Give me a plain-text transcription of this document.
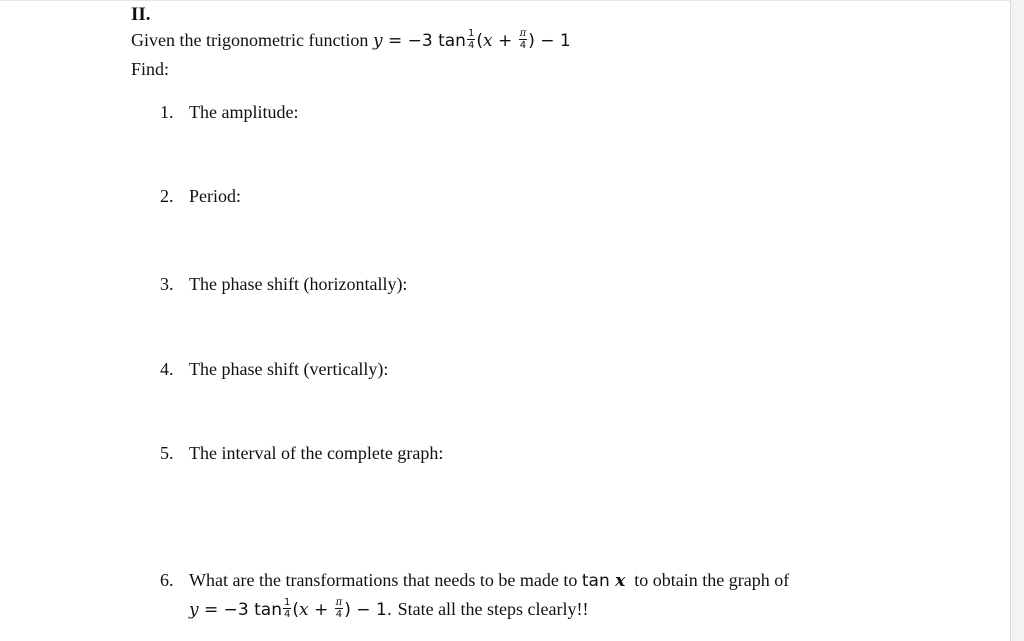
II.

Given the trigonometric function y = −3 $\tan \frac{1}{4} (x + \frac{\pi}{4}$ ) − 1
Find:
1. The amplitude:
2. Period:
3. The phase shift (horizontally):
4. The phase shift (vertically):
5. The interval of the complete graph:
6. What are the transformations that needs to be made to tan x to obtain the graph of
y = −3 $\tan \frac{1}{4} (x + \frac{\pi}{4}$ ) − 1. State all the steps clearly!!
